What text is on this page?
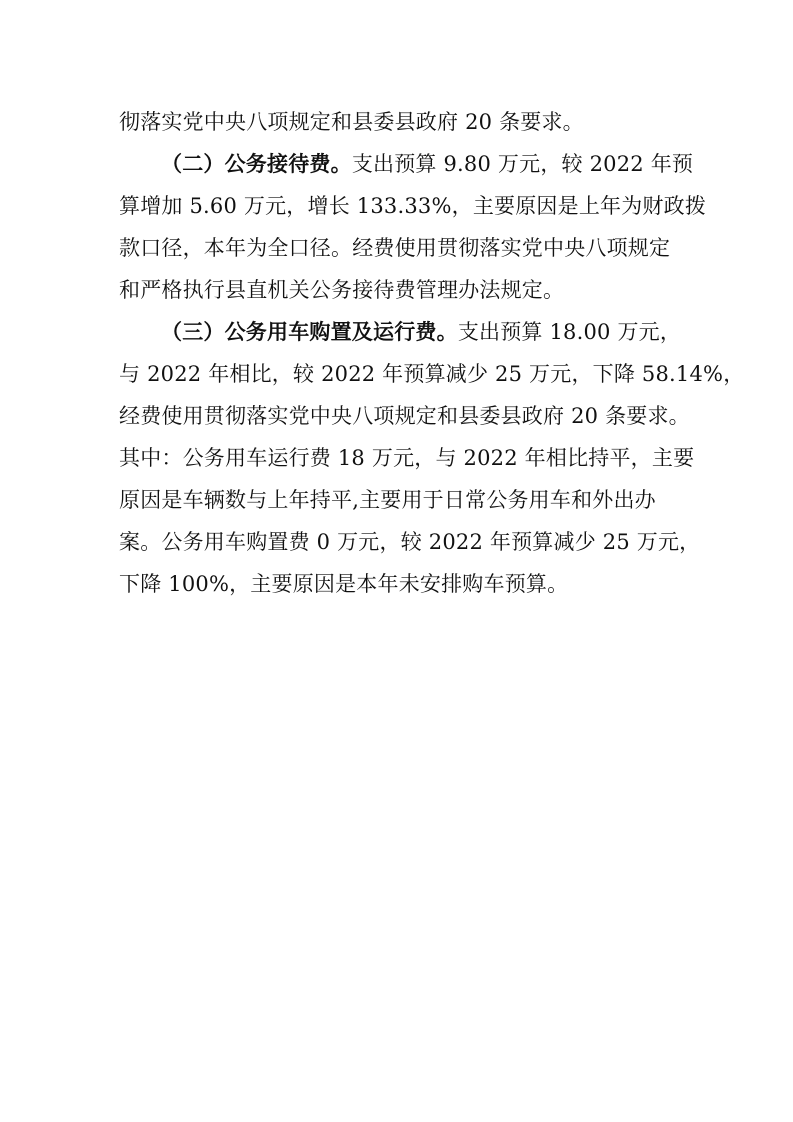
彻落实党中央八项规定和县委县政府 20 条要求。
（二）公务接待费。支出预算 9.80 万元，较 2022 年预
算增加 5.60 万元，增长 133.33%，主要原因是上年为财政拨
款口径，本年为全口径。经费使用贯彻落实党中央八项规定
和严格执行县直机关公务接待费管理办法规定。
（三）公务用车购置及运行费。支出预算 18.00 万元，
与 2022 年相比，较 2022 年预算减少 25 万元，下降 58.14%，
经费使用贯彻落实党中央八项规定和县委县政府 20 条要求。
其中：公务用车运行费 18 万元，与 2022 年相比持平，主要
原因是车辆数与上年持平,主要用于日常公务用车和外出办
案。公务用车购置费 0 万元，较 2022 年预算减少 25 万元，
下降 100%，主要原因是本年未安排购车预算。
